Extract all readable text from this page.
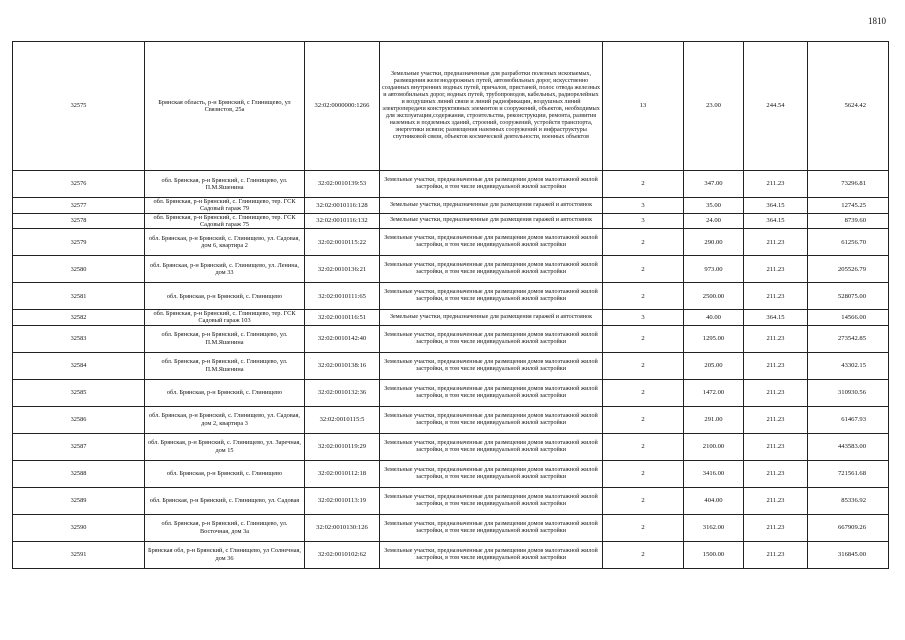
1810
32575	Брянская область, р-н Брянский, с Глинищево, ул Связистов, 25а	32:02:0000000:1266	Земельные участки, предназначенные для разработки полезных ископаемых, размещения железнодорожных путей, автомобильных дорог, искусственно созданных внутренних водных путей, причалов, пристаней, полос отвода железных и автомобильных дорог, водных путей, трубопроводов, кабельных, радиорелейных и воздушных линий связи и линий радиофикации, воздушных линий электропередачи конструктивных элементов и сооружений, объектов, необходимых для эксплуатации,содержания, строительства, реконструкции, ремонта, развития наземных и подземных зданий, строений, сооружений, устройств транспорта, энергетики исвязи; размещения наземных сооружений и инфраструктуры спутниковой связи, объектов космической деятельности, военных объектов	13	23.00	244.54	5624.42
32576	обл. Брянская, р-н Брянский, с. Глинищево, ул. П.М.Яшенина	32:02:0010139:53	Земельные участки, предназначенные для размещения домов малоэтажной жилой застройки, в том числе индивидуальной жилой застройки	2	347.00	211.23	73296.81
32577	обл. Брянская, р-н Брянский, с. Глинищево, тер. ГСК Садовый гараж 79	32:02:0010116:128	Земельные участки, предназначенные для размещения гаражей и автостоянок	3	35.00	364.15	12745.25
32578	обл. Брянская, р-н Брянский, с. Глинищево, тер. ГСК Садовый гараж 75	32:02:0010116:132	Земельные участки, предназначенные для размещения гаражей и автостоянок	3	24.00	364.15	8739.60
32579	обл. Брянская, р-н Брянский, с. Глинищево, ул. Садовая, дом 6, квартира 2	32:02:0010115:22	Земельные участки, предназначенные для размещения домов малоэтажной жилой застройки, в том числе индивидуальной жилой застройки	2	290.00	211.23	61256.70
32580	обл. Брянская, р-н Брянский, с. Глинищево, ул. Ленина, дом 33	32:02:0010136:21	Земельные участки, предназначенные для размещения домов малоэтажной жилой застройки, в том числе индивидуальной жилой застройки	2	973.00	211.23	205526.79
32581	обл. Брянская, р-н Брянский, с. Глинищево	32:02:0010111:65	Земельные участки, предназначенные для размещения домов малоэтажной жилой застройки, в том числе индивидуальной жилой застройки	2	2500.00	211.23	528075.00
32582	обл. Брянская, р-н Брянский, с. Глинищево, тер. ГСК Садовый гараж 103	32:02:0010116:51	Земельные участки, предназначенные для размещения гаражей и автостоянок	3	40.00	364.15	14566.00
32583	обл. Брянская, р-н Брянский, с. Глинищево, ул. П.М.Яшенина	32:02:0010142:40	Земельные участки, предназначенные для размещения домов малоэтажной жилой застройки, в том числе индивидуальной жилой застройки	2	1295.00	211.23	273542.85
32584	обл. Брянская, р-н Брянский, с. Глинищево, ул. П.М.Яшенина	32:02:0010138:16	Земельные участки, предназначенные для размещения домов малоэтажной жилой застройки, в том числе индивидуальной жилой застройки	2	205.00	211.23	43302.15
32585	обл. Брянская, р-н Брянский, с. Глинищево	32:02:0010132:36	Земельные участки, предназначенные для размещения домов малоэтажной жилой застройки, в том числе индивидуальной жилой застройки	2	1472.00	211.23	310930.56
32586	обл. Брянская, р-н Брянский, с. Глинищево, ул. Садовая, дом 2, квартира 3	32:02:0010115:5	Земельные участки, предназначенные для размещения домов малоэтажной жилой застройки, в том числе индивидуальной жилой застройки	2	291.00	211.23	61467.93
32587	обл. Брянская, р-н Брянский, с. Глинищево, ул. Заречная, дом 15	32:02:0010119:29	Земельные участки, предназначенные для размещения домов малоэтажной жилой застройки, в том числе индивидуальной жилой застройки	2	2100.00	211.23	443583.00
32588	обл. Брянская, р-н Брянский, с. Глинищево	32:02:0010112:18	Земельные участки, предназначенные для размещения домов малоэтажной жилой застройки, в том числе индивидуальной жилой застройки	2	3416.00	211.23	721561.68
32589	обл. Брянская, р-н Брянский, с. Глинищево, ул. Садовая	32:02:0010113:19	Земельные участки, предназначенные для размещения домов малоэтажной жилой застройки, в том числе индивидуальной жилой застройки	2	404.00	211.23	85336.92
32590	обл. Брянская, р-н Брянский, с. Глинищево, ул. Восточная, дом 3а	32:02:0010130:126	Земельные участки, предназначенные для размещения домов малоэтажной жилой застройки, в том числе индивидуальной жилой застройки	2	3162.00	211.23	667909.26
32591	Брянская обл, р-н Брянский, с Глинищево, ул Солнечная, дом 36	32:02:0010102:62	Земельные участки, предназначенные для размещения домов малоэтажной жилой застройки, в том числе индивидуальной жилой застройки	2	1500.00	211.23	316845.00
